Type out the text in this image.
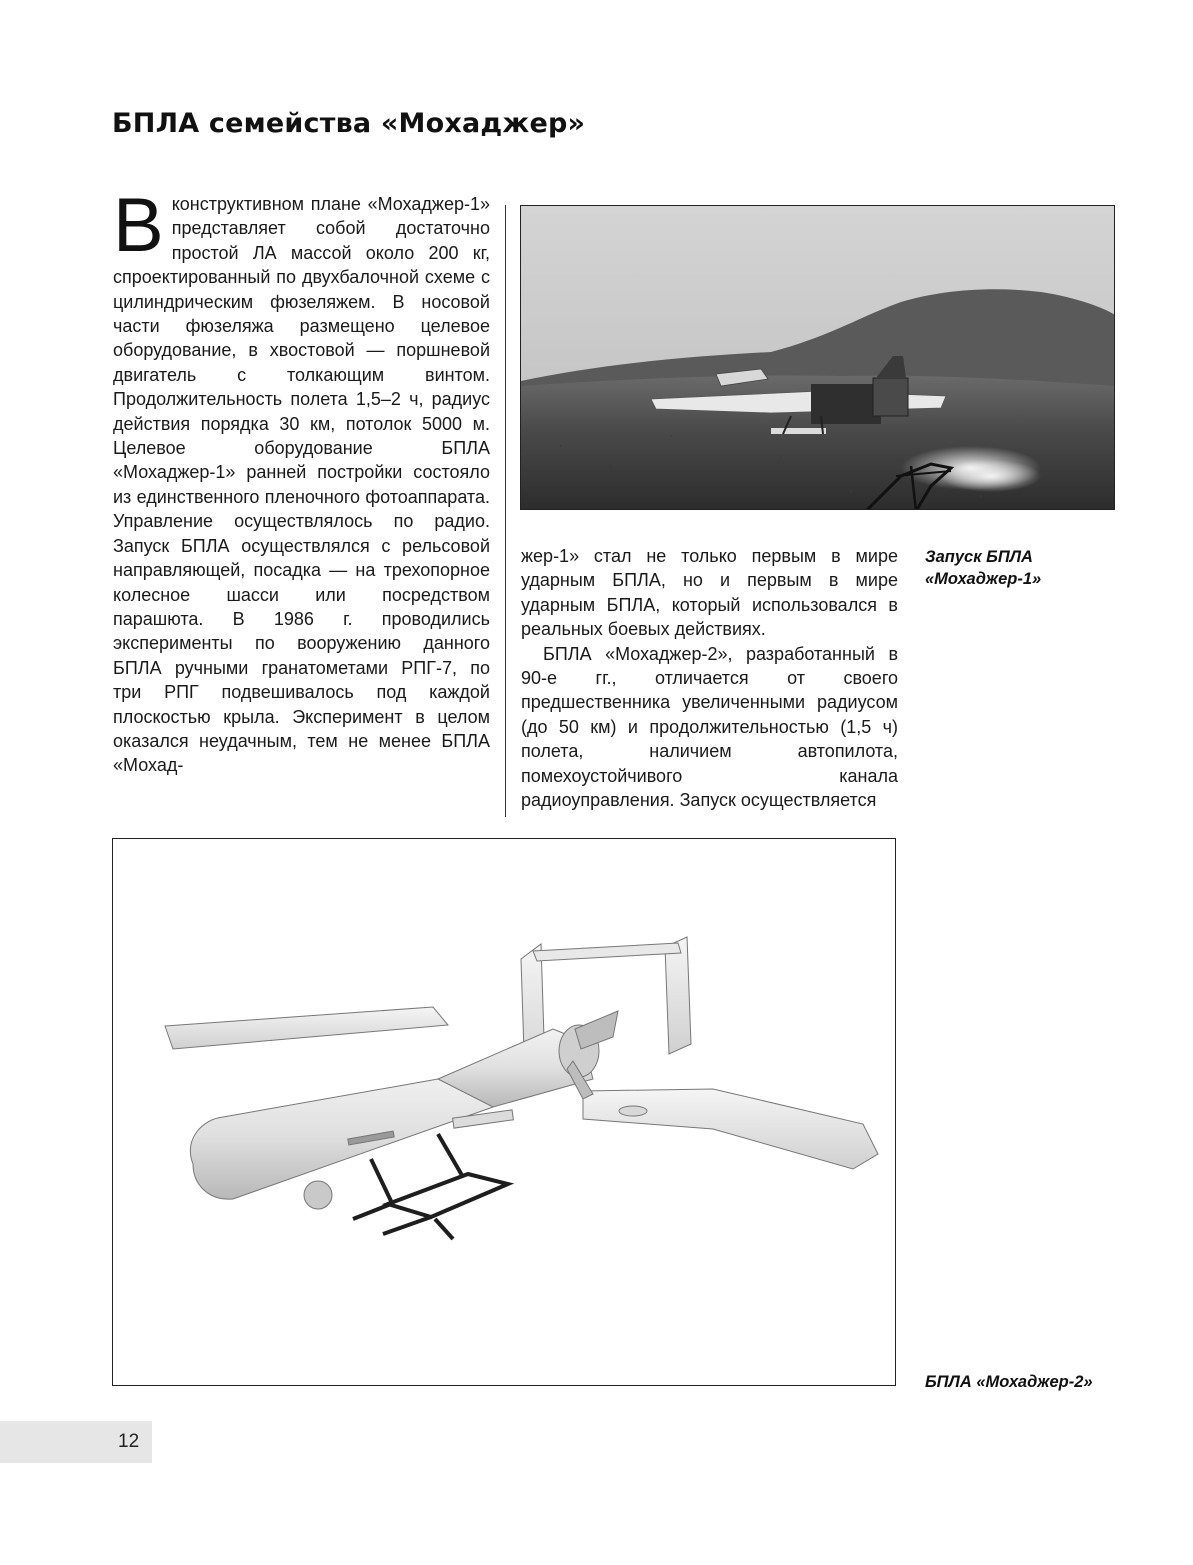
БПЛА семейства «Мохаджер»
В конструктивном плане «Мохаджер-1» представляет собой достаточно простой ЛА массой около 200 кг, спроектированный по двухбалочной схеме с цилиндрическим фюзеляжем. В носовой части фюзеляжа размещено целевое оборудование, в хвостовой — поршневой двигатель с толкающим винтом. Продолжительность полета 1,5–2 ч, радиус действия порядка 30 км, потолок 5000 м. Целевое оборудование БПЛА «Мохаджер-1» ранней постройки состояло из единственного пленочного фотоаппарата. Управление осуществлялось по радио. Запуск БПЛА осуществлялся с рельсовой направляющей, посадка — на трехопорное колесное шасси или посредством парашюта. В 1986 г. проводились эксперименты по вооружению данного БПЛА ручными гранатометами РПГ-7, по три РПГ подвешивалось под каждой плоскостью крыла. Эксперимент в целом оказался неудачным, тем не менее БПЛА «Мохад-

жер-1» стал не только первым в мире ударным БПЛА, но и первым в мире ударным БПЛА, который использовался в реальных боевых действиях.

БПЛА «Мохаджер-2», разработанный в 90-е гг., отличается от своего предшественника увеличенными радиусом (до 50 км) и продолжительностью (1,5 ч) полета, наличием автопилота, помехоустойчивого канала радиоуправления. Запуск осуществляется

Запуск БПЛА «Мохаджер-1»

БПЛА «Мохаджер-2»

12
